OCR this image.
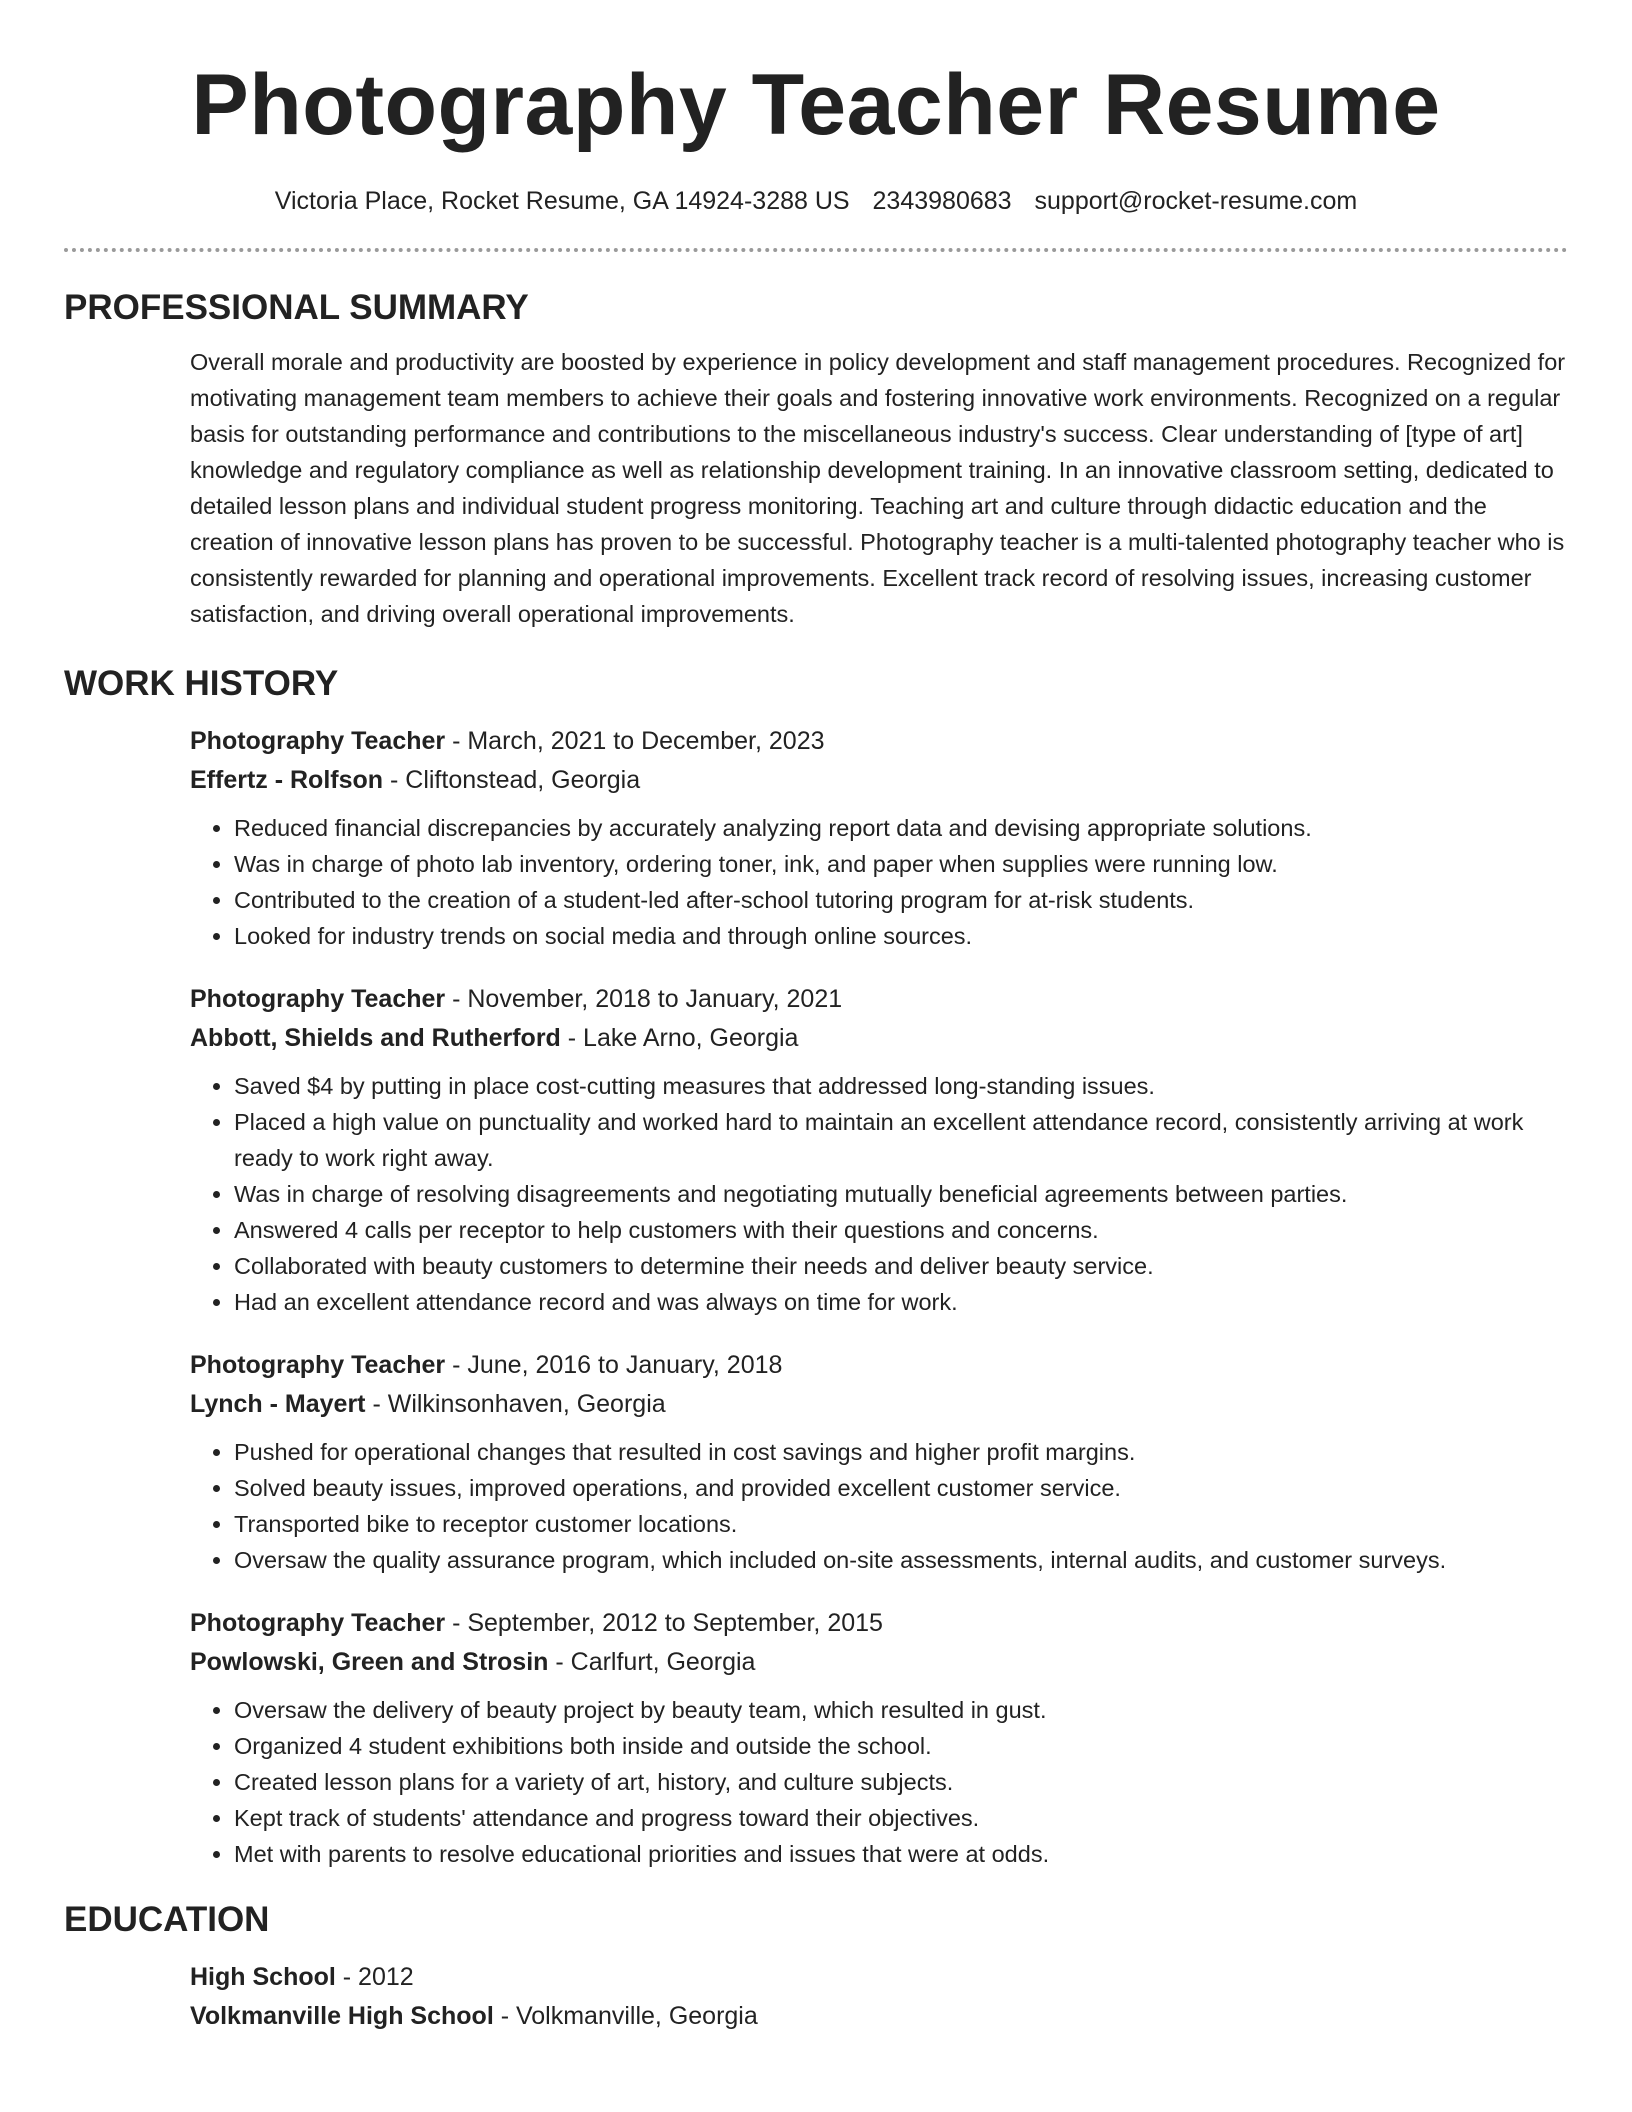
Photography Teacher Resume
Victoria Place, Rocket Resume, GA 14924-3288 US 2343980683 support@rocket-resume.com
PROFESSIONAL SUMMARY

Overall morale and productivity are boosted by experience in policy development and staff management procedures. Recognized for motivating management team members to achieve their goals and fostering innovative work environments. Recognized on a regular basis for outstanding performance and contributions to the miscellaneous industry's success. Clear understanding of [type of art] knowledge and regulatory compliance as well as relationship development training. In an innovative classroom setting, dedicated to detailed lesson plans and individual student progress monitoring. Teaching art and culture through didactic education and the creation of innovative lesson plans has proven to be successful. Photography teacher is a multi-talented photography teacher who is consistently rewarded for planning and operational improvements. Excellent track record of resolving issues, increasing customer satisfaction, and driving overall operational improvements.

WORK HISTORY
Photography Teacher - March, 2021 to December, 2023
Effertz - Rolfson - Cliftonstead, Georgia
• Reduced financial discrepancies by accurately analyzing report data and devising appropriate solutions.
• Was in charge of photo lab inventory, ordering toner, ink, and paper when supplies were running low.
• Contributed to the creation of a student-led after-school tutoring program for at-risk students.
• Looked for industry trends on social media and through online sources.
Photography Teacher - November, 2018 to January, 2021
Abbott, Shields and Rutherford - Lake Arno, Georgia
• Saved $4 by putting in place cost-cutting measures that addressed long-standing issues.
• Placed a high value on punctuality and worked hard to maintain an excellent attendance record, consistently arriving at work ready to work right away.
• Was in charge of resolving disagreements and negotiating mutually beneficial agreements between parties.
• Answered 4 calls per receptor to help customers with their questions and concerns.
• Collaborated with beauty customers to determine their needs and deliver beauty service.
• Had an excellent attendance record and was always on time for work.
Photography Teacher - June, 2016 to January, 2018
Lynch - Mayert - Wilkinsonhaven, Georgia
• Pushed for operational changes that resulted in cost savings and higher profit margins.
• Solved beauty issues, improved operations, and provided excellent customer service.
• Transported bike to receptor customer locations.
• Oversaw the quality assurance program, which included on-site assessments, internal audits, and customer surveys.
Photography Teacher - September, 2012 to September, 2015
Powlowski, Green and Strosin - Carlfurt, Georgia
• Oversaw the delivery of beauty project by beauty team, which resulted in gust.
• Organized 4 student exhibitions both inside and outside the school.
• Created lesson plans for a variety of art, history, and culture subjects.
• Kept track of students' attendance and progress toward their objectives.
• Met with parents to resolve educational priorities and issues that were at odds.
EDUCATION
High School - 2012
Volkmanville High School - Volkmanville, Georgia
